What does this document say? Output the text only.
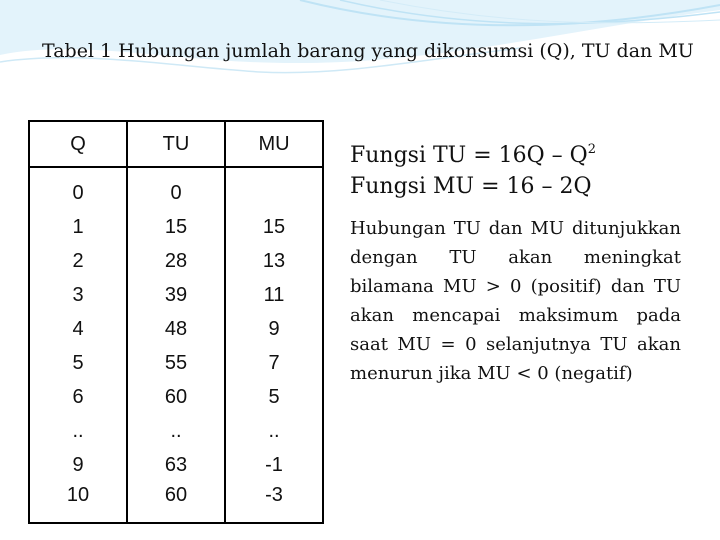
Tabel 1 Hubungan jumlah barang yang dikonsumsi (Q), TU dan MU
Q	TU	MU
0	0	
1	15	15
2	28	13
3	39	11
4	48	9
5	55	7
6	60	5
..	..	..
9	63	-1
10	60	-3
Fungsi TU = $16Q - Q^2$
Fungsi MU = 16 – 2Q
Hubungan TU dan MU ditunjukkan dengan TU akan meningkat bilamana MU > 0 (positif) dan TU akan mencapai maksimum pada saat MU = 0 selanjutnya TU akan menurun jika MU < 0 (negatif)
